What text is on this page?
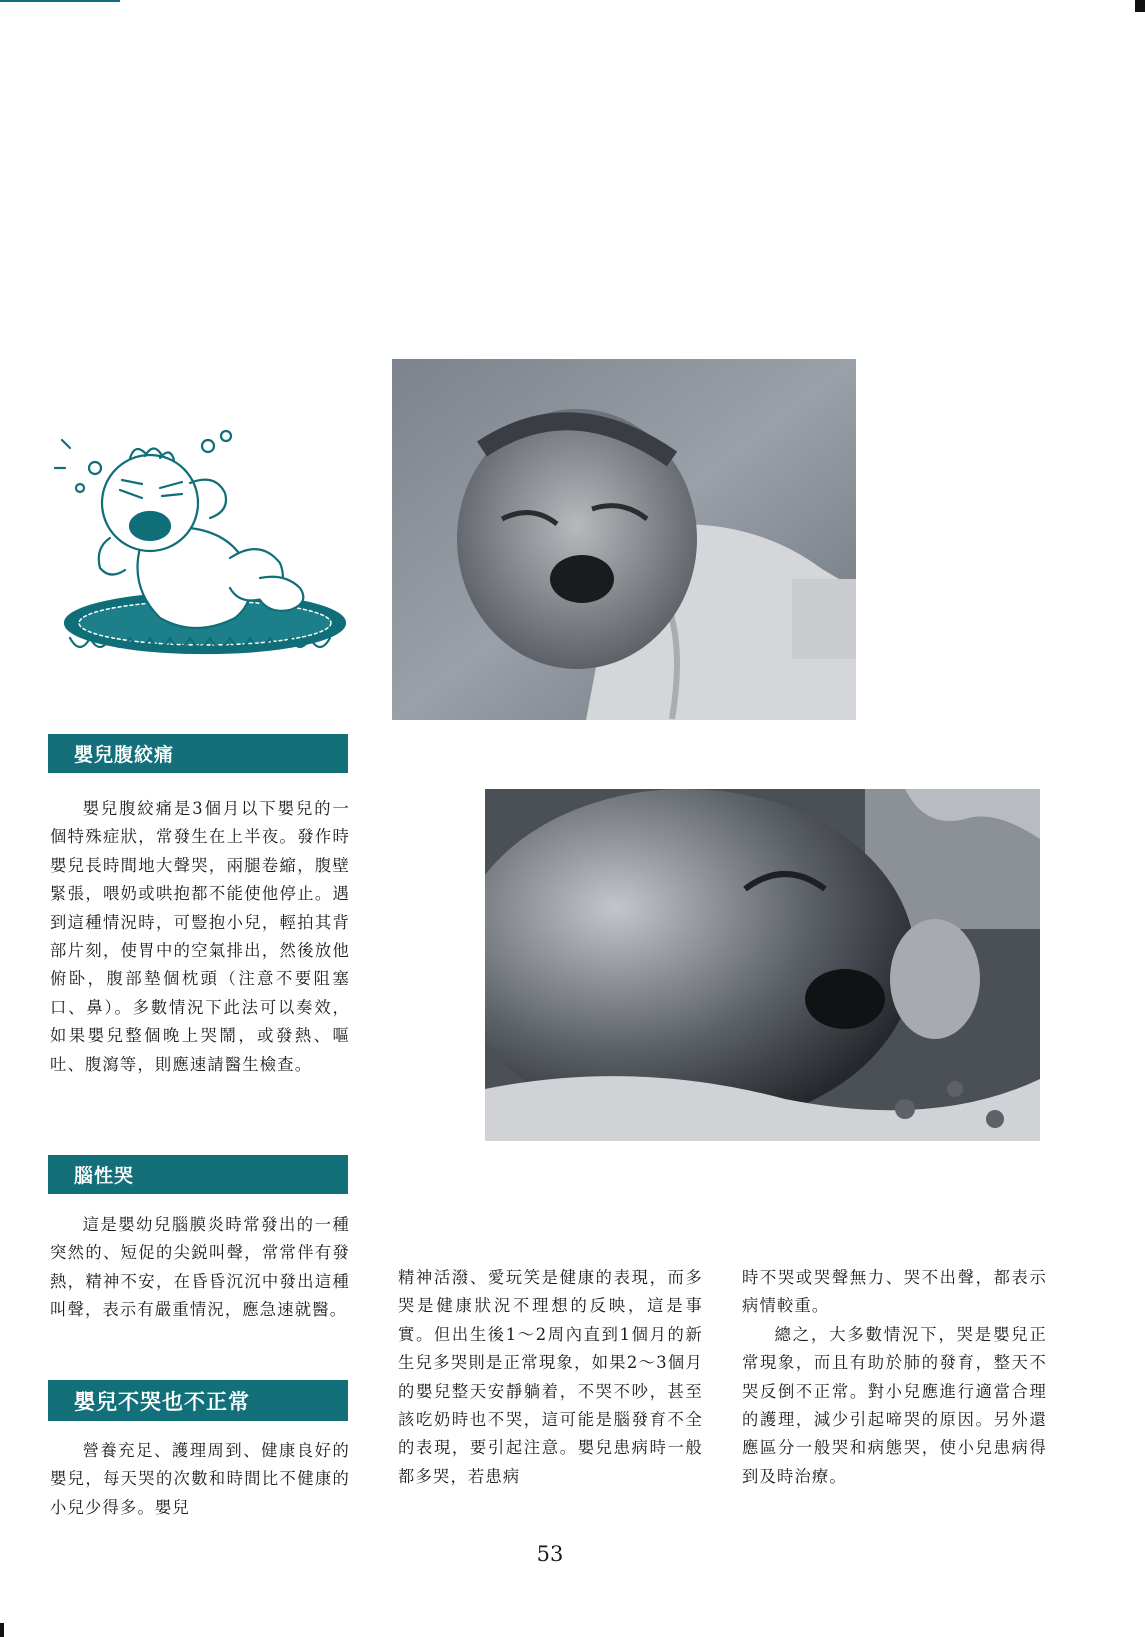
嬰兒腹絞痛

嬰兒腹絞痛是3個月以下嬰兒的一個特殊症狀，常發生在上半夜。發作時嬰兒長時間地大聲哭，兩腿卷縮，腹壁緊張，喂奶或哄抱都不能使他停止。遇到這種情況時，可豎抱小兒，輕拍其背部片刻，使胃中的空氣排出，然後放他俯卧，腹部墊個枕頭（注意不要阻塞口、鼻）。多數情況下此法可以奏效，如果嬰兒整個晚上哭鬧，或發熱、嘔吐、腹瀉等，則應速請醫生檢查。

腦性哭

這是嬰幼兒腦膜炎時常發出的一種突然的、短促的尖鋭叫聲，常常伴有發熱，精神不安，在昏昏沉沉中發出這種叫聲，表示有嚴重情況，應急速就醫。

嬰兒不哭也不正常

營養充足、護理周到、健康良好的嬰兒，每天哭的次數和時間比不健康的小兒少得多。嬰兒

精神活潑、愛玩笑是健康的表現，而多哭是健康狀況不理想的反映，這是事實。但出生後1～2周內直到1個月的新生兒多哭則是正常現象，如果2～3個月的嬰兒整天安靜躺着，不哭不吵，甚至該吃奶時也不哭，這可能是腦發育不全的表現，要引起注意。嬰兒患病時一般都多哭，若患病

時不哭或哭聲無力、哭不出聲，都表示病情較重。

總之，大多數情況下，哭是嬰兒正常現象，而且有助於肺的發育，整天不哭反倒不正常。對小兒應進行適當合理的護理，減少引起啼哭的原因。另外還應區分一般哭和病態哭，使小兒患病得到及時治療。

53
